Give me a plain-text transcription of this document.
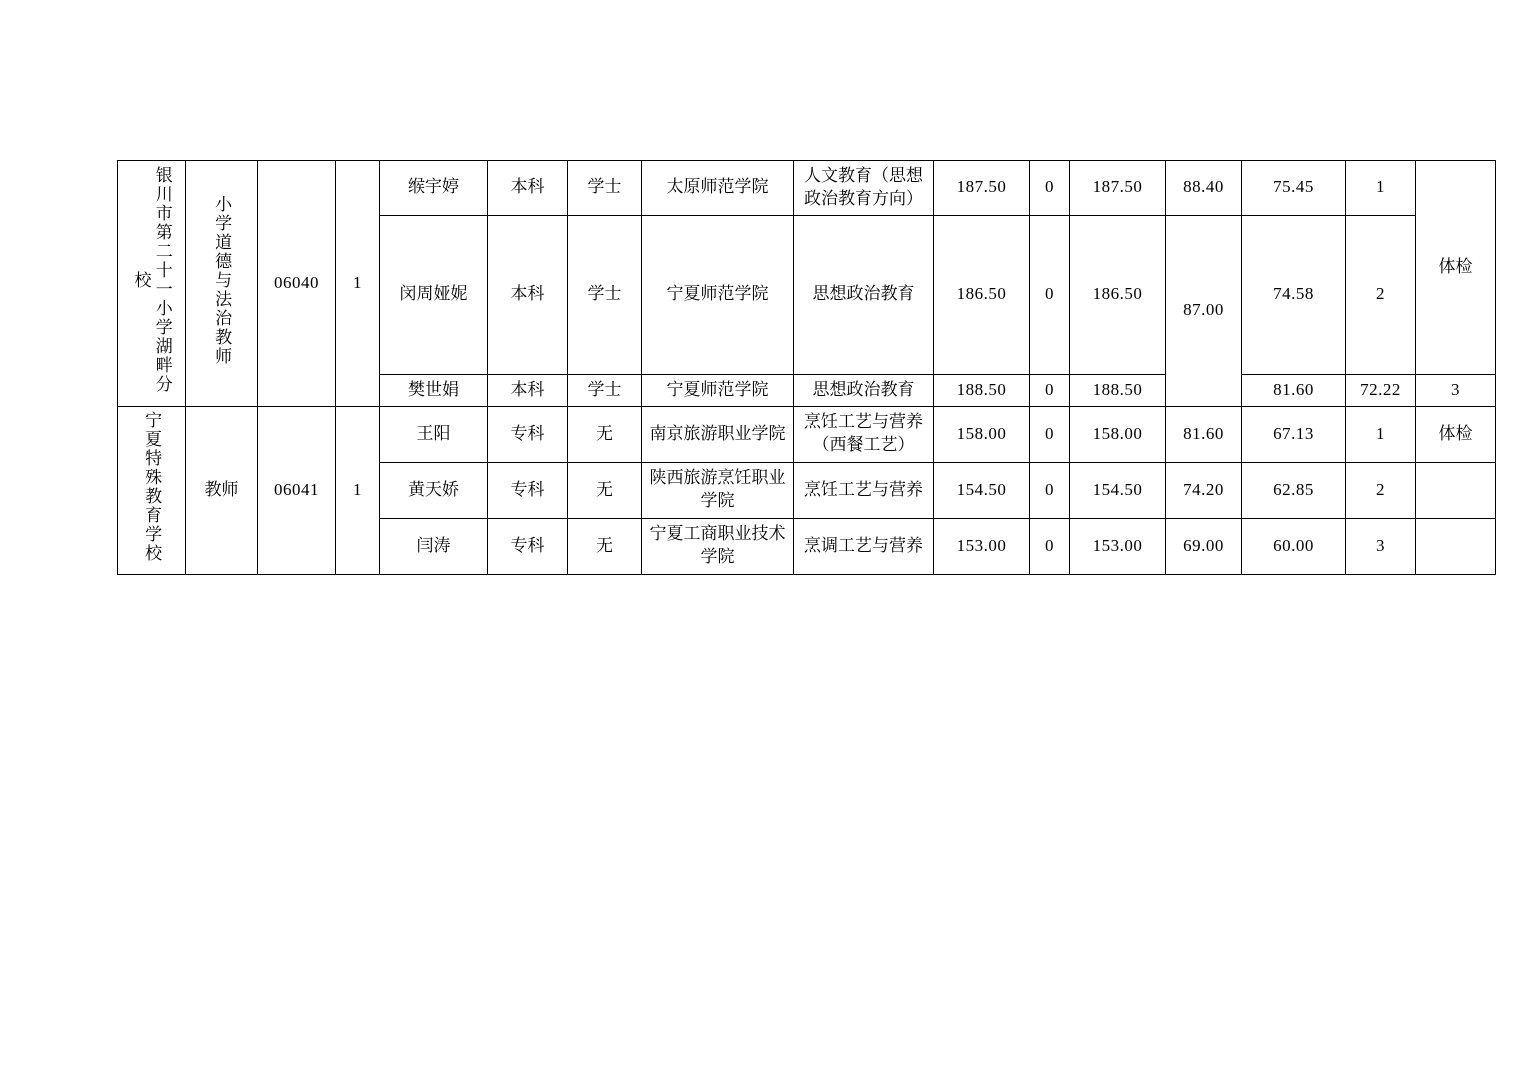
银川市第二十一小学湖畔分校	小学道德与法治教师	06040	1	缑宇婷	本科	学士	太原师范学院	人文教育（思想政治教育方向）	187.50	0	187.50	88.40	75.45	1	体检	
				闵周娅妮	本科	学士	宁夏师范学院	思想政治教育	186.50	0	186.50	87.00	74.58	2		
				樊世娟	本科	学士	宁夏师范学院	思想政治教育	188.50	0	188.50		81.60	72.22	3	
宁夏特殊教育学校	教师	06041	1	王阳	专科	无	南京旅游职业学院	烹饪工艺与营养（西餐工艺）	158.00	0	158.00	81.60	67.13	1	体检	
				黄天娇	专科	无	陕西旅游烹饪职业学院	烹饪工艺与营养	154.50	0	154.50	74.20	62.85	2		
				闫涛	专科	无	宁夏工商职业技术学院	烹调工艺与营养	153.00	0	153.00	69.00	60.00	3		
